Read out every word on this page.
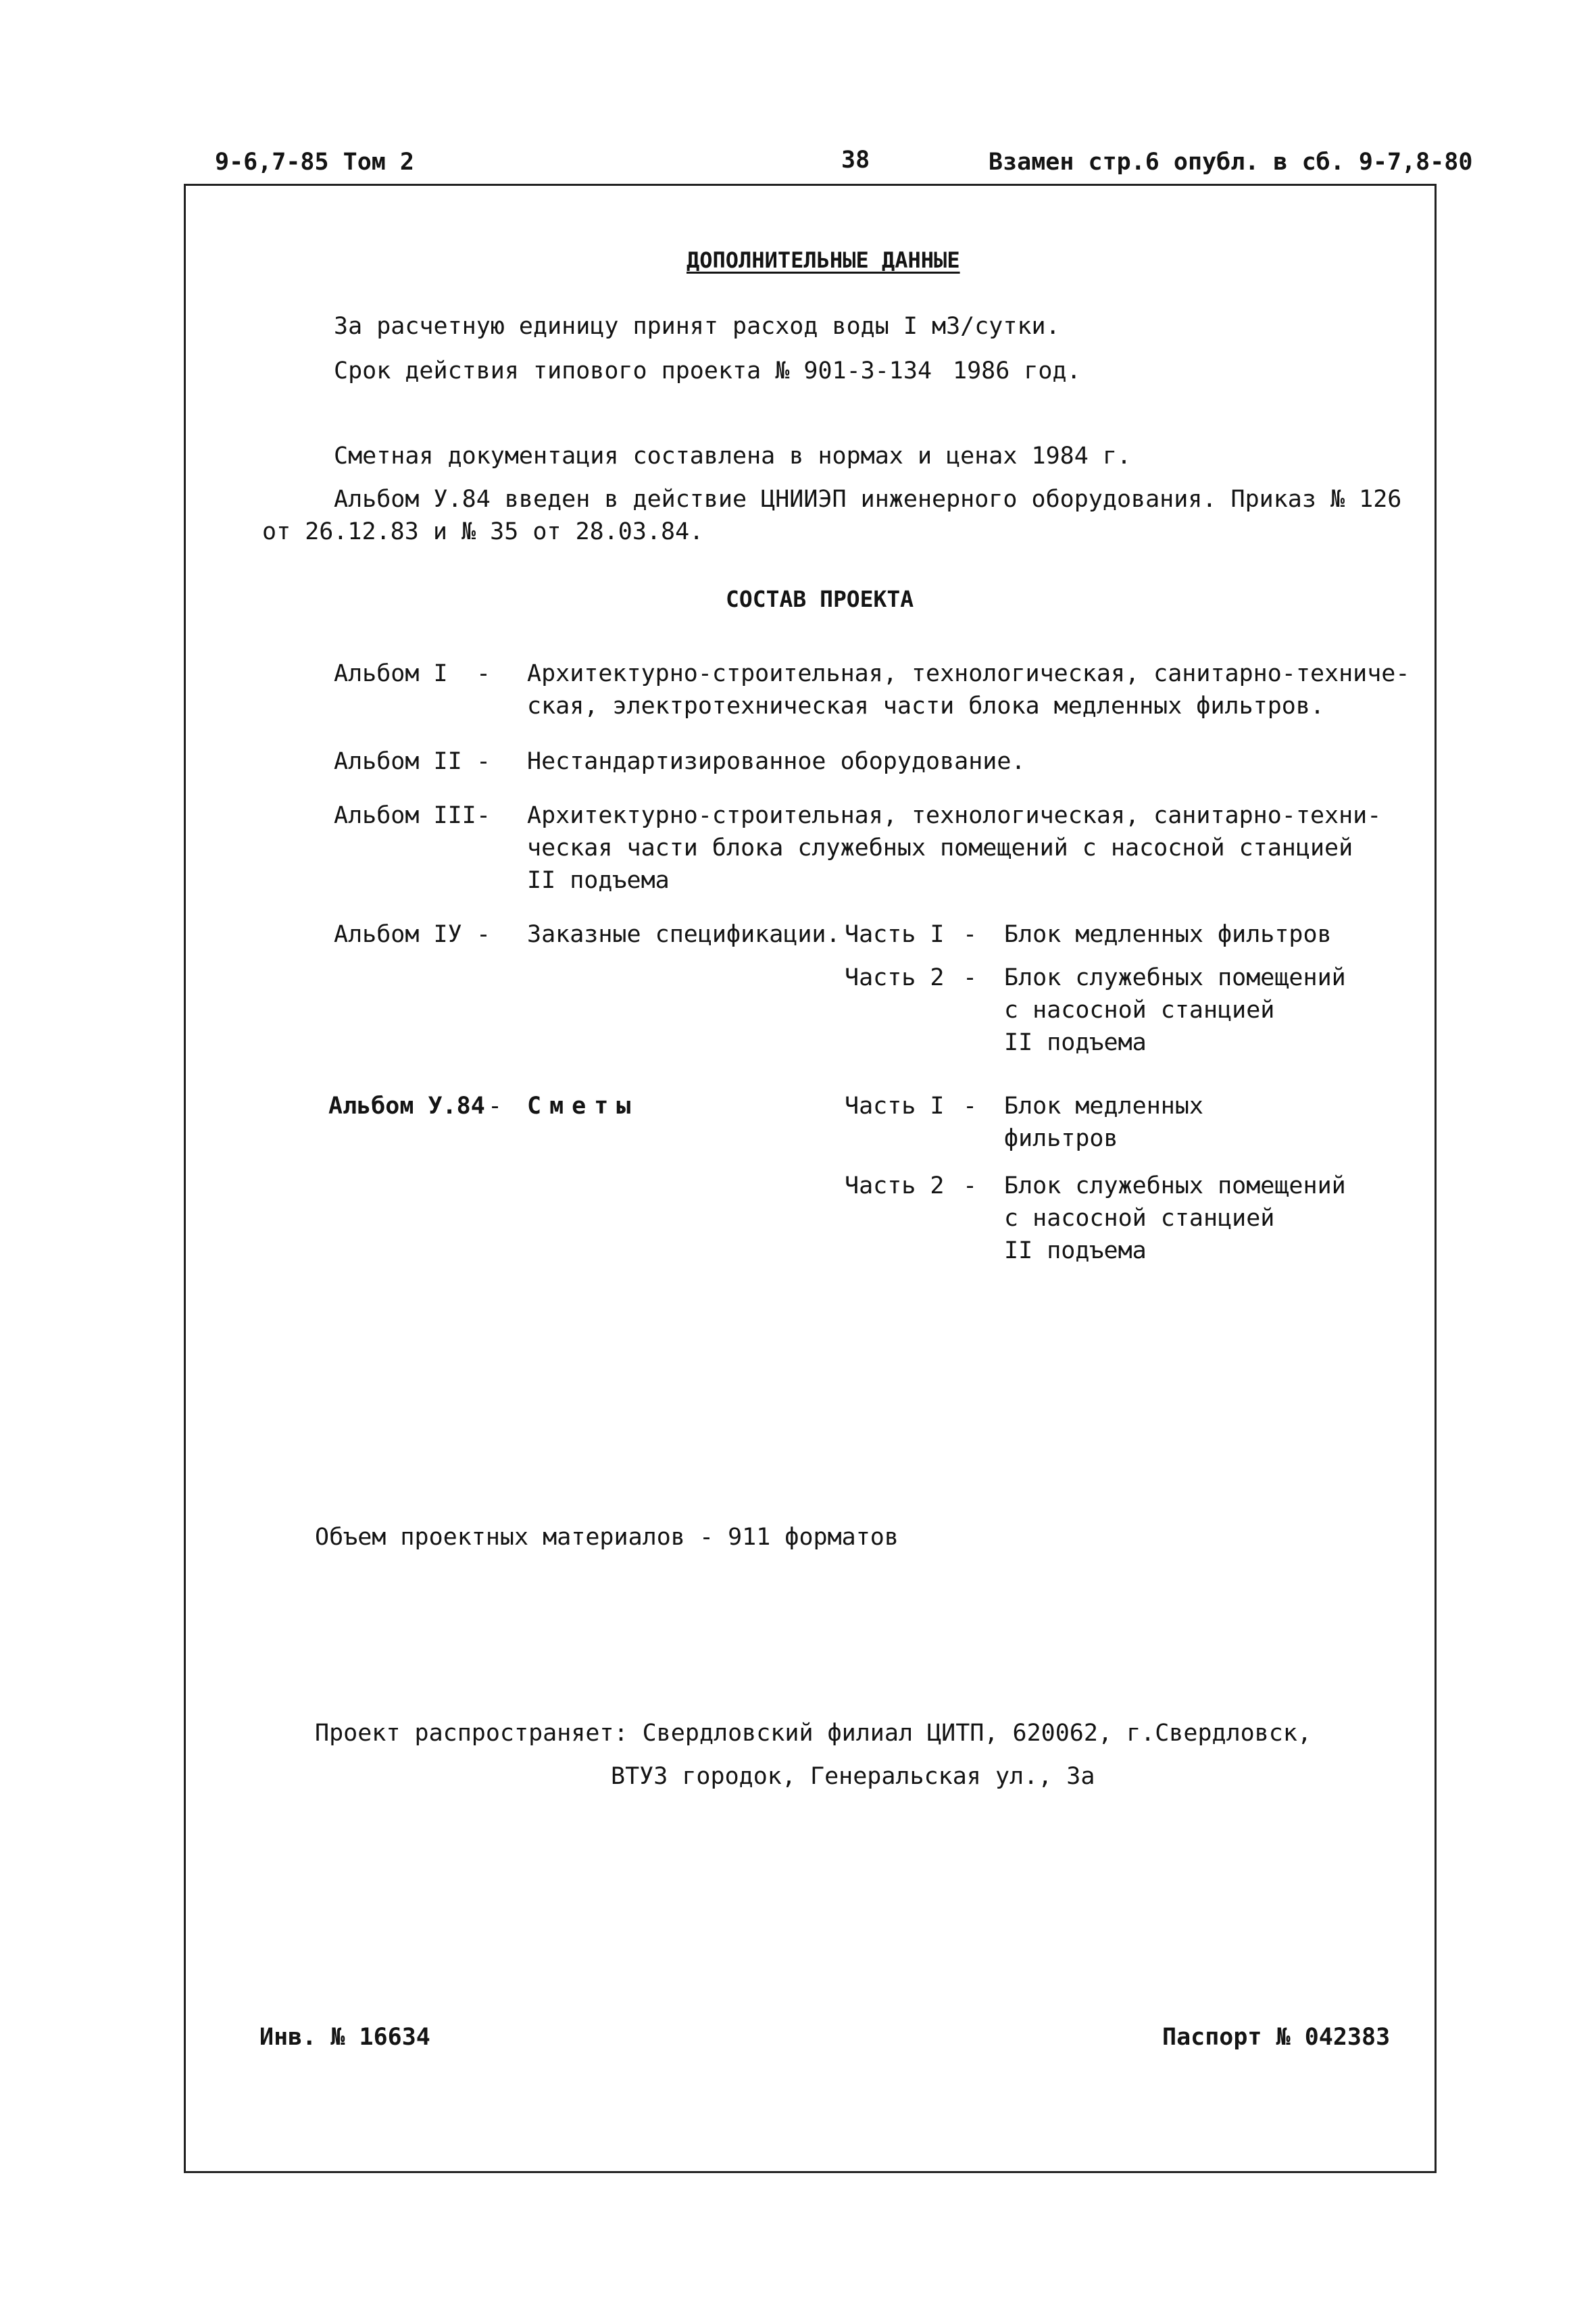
9-6,7-85 Том 2	38	Взамен стр.6 опубл. в сб. 9-7,8-80
ДОПОЛНИТЕЛЬНЫЕ ДАННЫЕ
За расчетную единицу принят расход воды I м3/сутки.
Срок действия типового проекта № 901-3-134 1986 год.
Сметная документация составлена в нормах и ценах 1984 г.
Альбом У.84 введен в действие ЦНИИЭП инженерного оборудования. Приказ № 126
от 26.12.83 и № 35 от 28.03.84.
СОСТАВ ПРОЕКТА
Альбом I - Архитектурно-строительная, технологическая, санитарно-техниче-
ская, электротехническая части блока медленных фильтров.
Альбом II - Нестандартизированное оборудование.
Альбом III - Архитектурно-строительная, технологическая, санитарно-техни-
ческая части блока служебных помещений с насосной станцией
II подъема
Альбом IУ - Заказные спецификации. Часть I - Блок медленных фильтров
Часть 2 - Блок служебных помещений
с насосной станцией
II подъема
Альбом У.84 - Сметы	Часть I - Блок медленных
фильтров
Часть 2 - Блок служебных помещений
с насосной станцией
II подъема
Объем проектных материалов - 911 форматов
Проект распространяет: Свердловский филиал ЦИТП, 620062, г.Свердловск,
ВТУЗ городок, Генеральская ул., 3а
Инв. № 16634	Паспорт № 042383
